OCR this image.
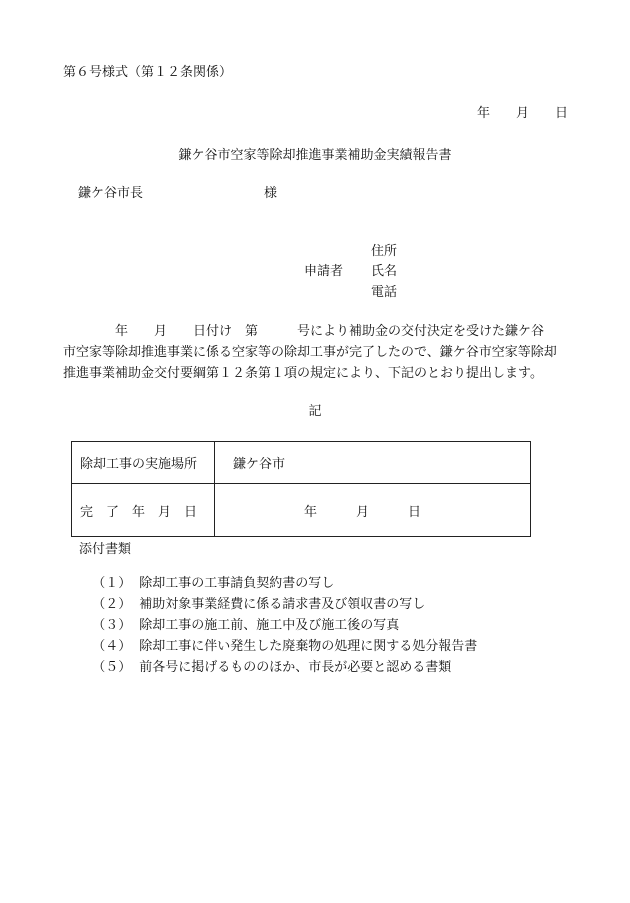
第６号様式（第１２条関係）
年　　月　　日
鎌ケ谷市空家等除却推進事業補助金実績報告書
鎌ケ谷市長	様
申請者
住所
氏名
電話
　　　　年　　月　　日付け　第　　　号により補助金の交付決定を受けた鎌ケ谷
市空家等除却推進事業に係る空家等の除却工事が完了したので、鎌ケ谷市空家等除却
推進事業補助金交付要綱第１２条第１項の規定により、下記のとおり提出します。
記
除却工事の実施場所	鎌ケ谷市
完　了　年　月　日	年　　　月　　　日
添付書類

（１） 除却工事の工事請負契約書の写し

（２） 補助対象事業経費に係る請求書及び領収書の写し

（３） 除却工事の施工前、施工中及び施工後の写真

（４） 除却工事に伴い発生した廃棄物の処理に関する処分報告書

（５） 前各号に掲げるもののほか、市長が必要と認める書類
